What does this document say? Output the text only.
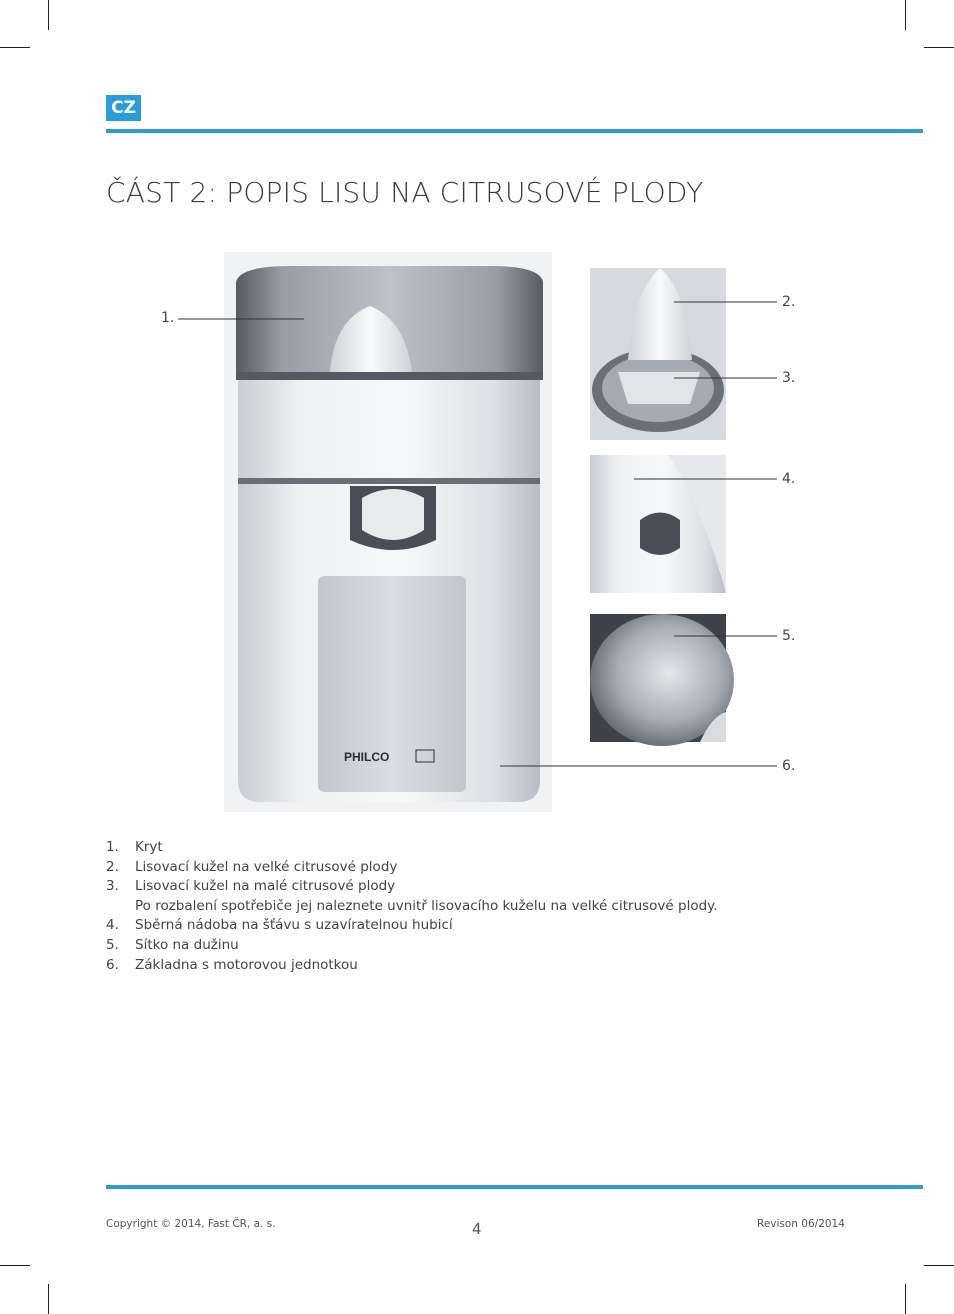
CZ
ČÁST 2: POPIS LISU NA CITRUSOVÉ PLODY
PHILCO
1.
2.
3.
4.
5.
6.
1. Kryt
2. Lisovací kužel na velké citrusové plody
3. Lisovací kužel na malé citrusové plody
Po rozbalení spotřebiče jej naleznete uvnitř lisovacího kuželu na velké citrusové plody.
4. Sběrná nádoba na šťávu s uzavíratelnou hubicí
5. Sítko na dužinu
6. Základna s motorovou jednotkou
Copyright © 2014, Fast ČR, a. s.	4	Revison 06/2014
